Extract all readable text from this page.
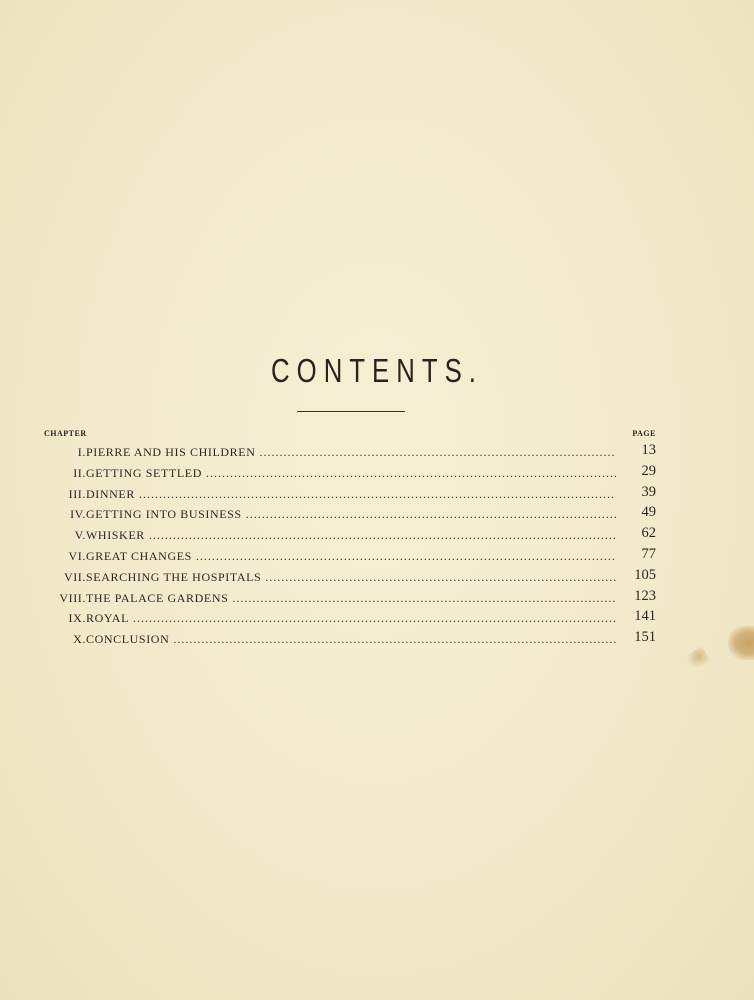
CONTENTS.
CHAPTER	PAGE
I. PIERRE AND HIS CHILDREN .....	13
II. GETTING SETTLED .....	29
III. DINNER .....	39
IV. GETTING INTO BUSINESS .....	49
V. WHISKER .....	62
VI. GREAT CHANGES .....	77
VII. SEARCHING THE HOSPITALS .....	105
VIII. THE PALACE GARDENS .....	123
IX. ROYAL .....	141
X. CONCLUSION .....	151
